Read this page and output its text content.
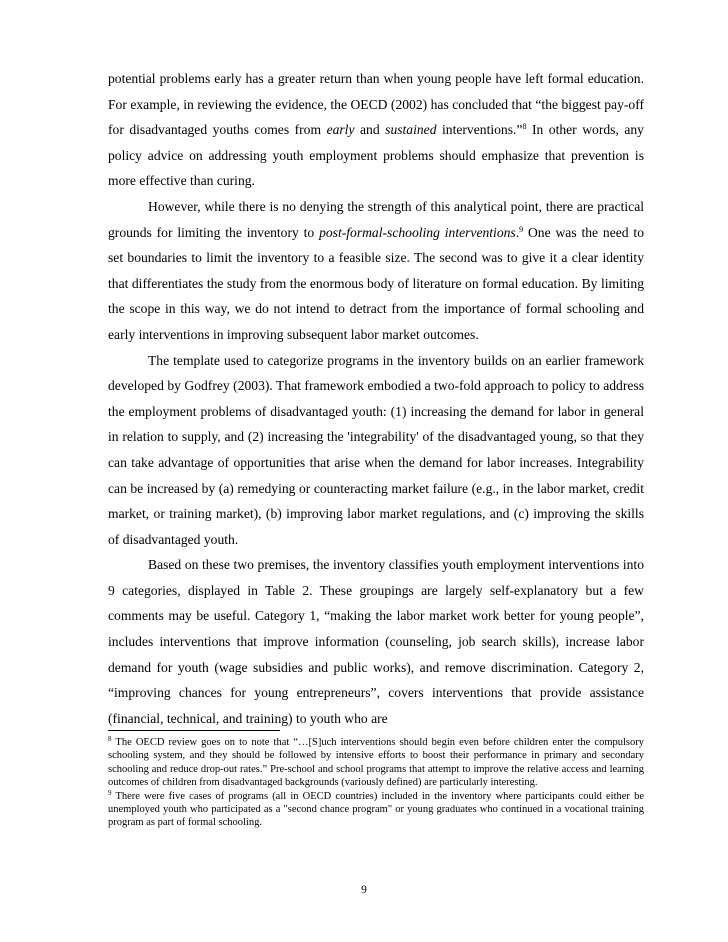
potential problems early has a greater return than when young people have left formal education. For example, in reviewing the evidence, the OECD (2002) has concluded that “the biggest pay-off for disadvantaged youths comes from early and sustained interventions.”$^8$ In other words, any policy advice on addressing youth employment problems should emphasize that prevention is more effective than curing.

However, while there is no denying the strength of this analytical point, there are practical grounds for limiting the inventory to post-formal-schooling interventions.$^9$ One was the need to set boundaries to limit the inventory to a feasible size. The second was to give it a clear identity that differentiates the study from the enormous body of literature on formal education. By limiting the scope in this way, we do not intend to detract from the importance of formal schooling and early interventions in improving subsequent labor market outcomes.

The template used to categorize programs in the inventory builds on an earlier framework developed by Godfrey (2003). That framework embodied a two-fold approach to policy to address the employment problems of disadvantaged youth: (1) increasing the demand for labor in general in relation to supply, and (2) increasing the 'integrability' of the disadvantaged young, so that they can take advantage of opportunities that arise when the demand for labor increases. Integrability can be increased by (a) remedying or counteracting market failure (e.g., in the labor market, credit market, or training market), (b) improving labor market regulations, and (c) improving the skills of disadvantaged youth.

Based on these two premises, the inventory classifies youth employment interventions into 9 categories, displayed in Table 2. These groupings are largely self-explanatory but a few comments may be useful. Category 1, “making the labor market work better for young people”, includes interventions that improve information (counseling, job search skills), increase labor demand for youth (wage subsidies and public works), and remove discrimination. Category 2, “improving chances for young entrepreneurs”, covers interventions that provide assistance (financial, technical, and training) to youth who are

$^8$ The OECD review goes on to note that “…[S]uch interventions should begin even before children enter the compulsory schooling system, and they should be followed by intensive efforts to boost their performance in primary and secondary schooling and reduce drop-out rates.” Pre-school and school programs that attempt to improve the relative access and learning outcomes of children from disadvantaged backgrounds (variously defined) are particularly interesting.

$^9$ There were five cases of programs (all in OECD countries) included in the inventory where participants could either be unemployed youth who participated as a "second chance program" or young graduates who continued in a vocational training program as part of formal schooling.

9
